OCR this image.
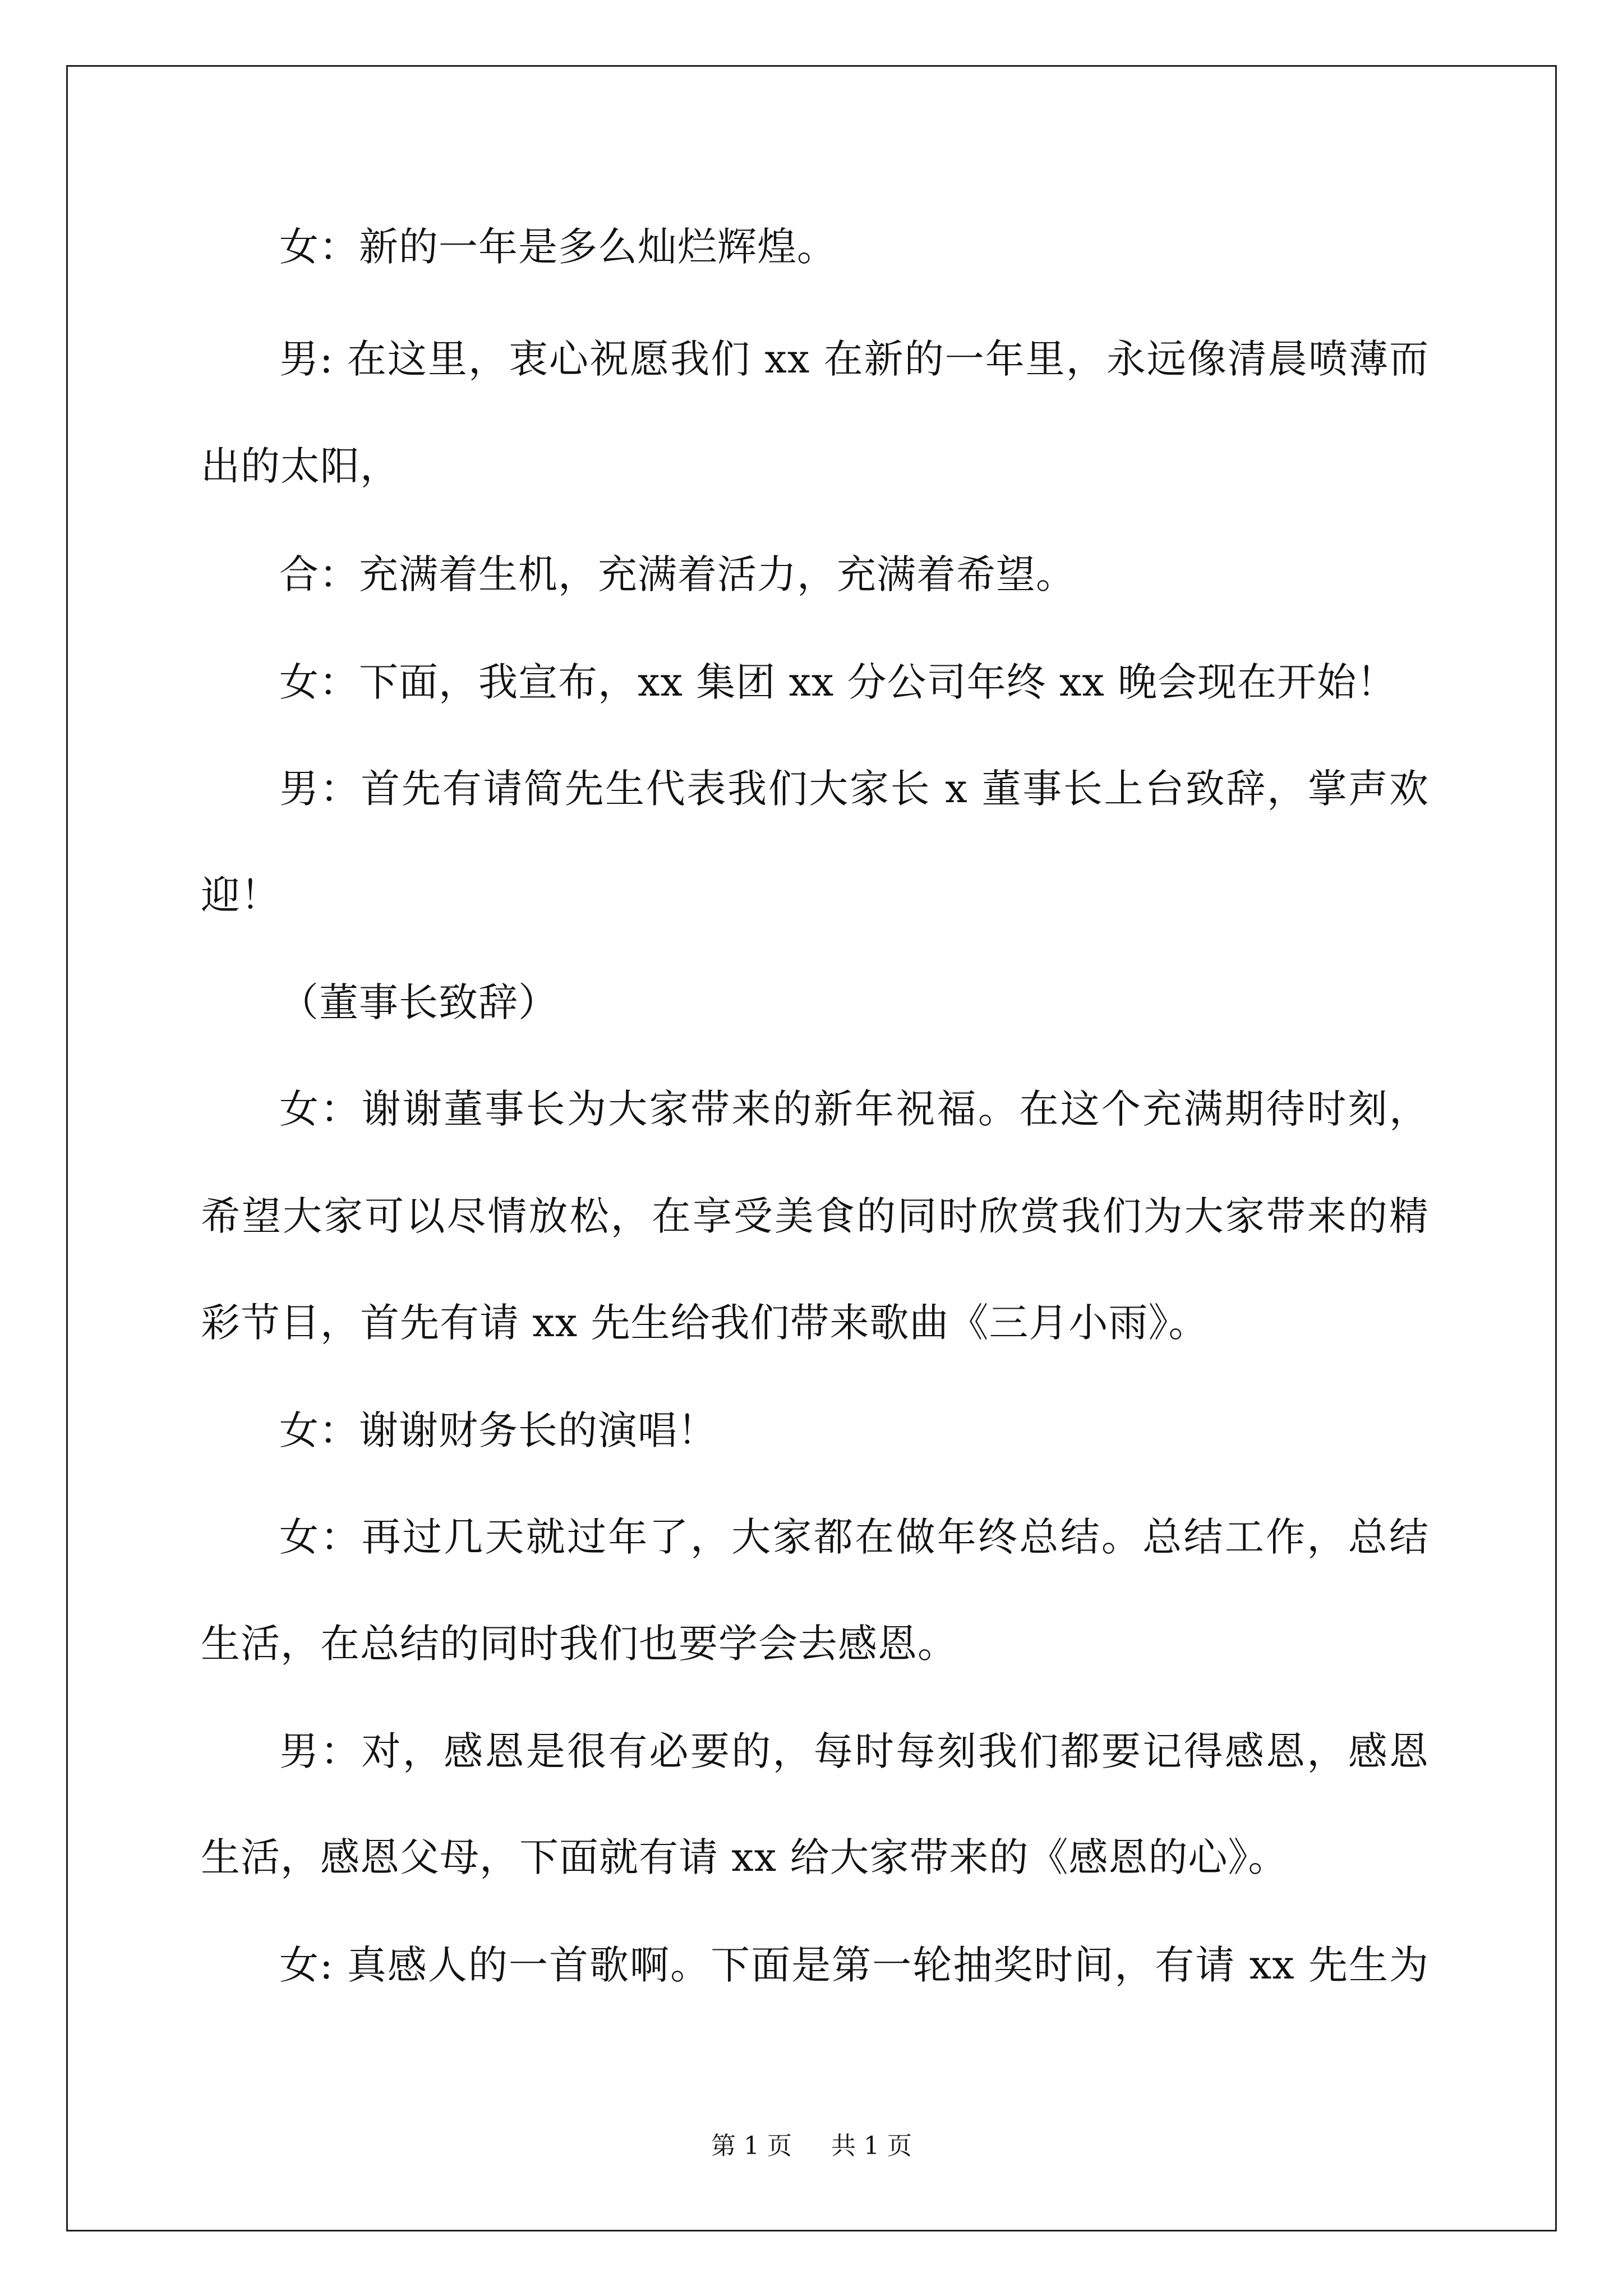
女：新的一年是多么灿烂辉煌。
男: 在这里，衷心祝愿我们 xx 在新的一年里，永远像清晨喷薄而
出的太阳，
合：充满着生机，充满着活力，充满着希望。
女：下面，我宣布，xx 集团 xx 分公司年终 xx 晚会现在开始！
男：首先有请简先生代表我们大家长 x 董事长上台致辞，掌声欢
迎！
（董事长致辞）
女：谢谢董事长为大家带来的新年祝福。在这个充满期待时刻，
希望大家可以尽情放松，在享受美食的同时欣赏我们为大家带来的精
彩节目，首先有请 xx 先生给我们带来歌曲《三月小雨》。
女：谢谢财务长的演唱！
女：再过几天就过年了，大家都在做年终总结。总结工作，总结
生活，在总结的同时我们也要学会去感恩。
男：对，感恩是很有必要的，每时每刻我们都要记得感恩，感恩
生活，感恩父母，下面就有请 xx 给大家带来的《感恩的心》。
女: 真感人的一首歌啊。下面是第一轮抽奖时间，有请 xx 先生为
第 1 页 共 1 页
